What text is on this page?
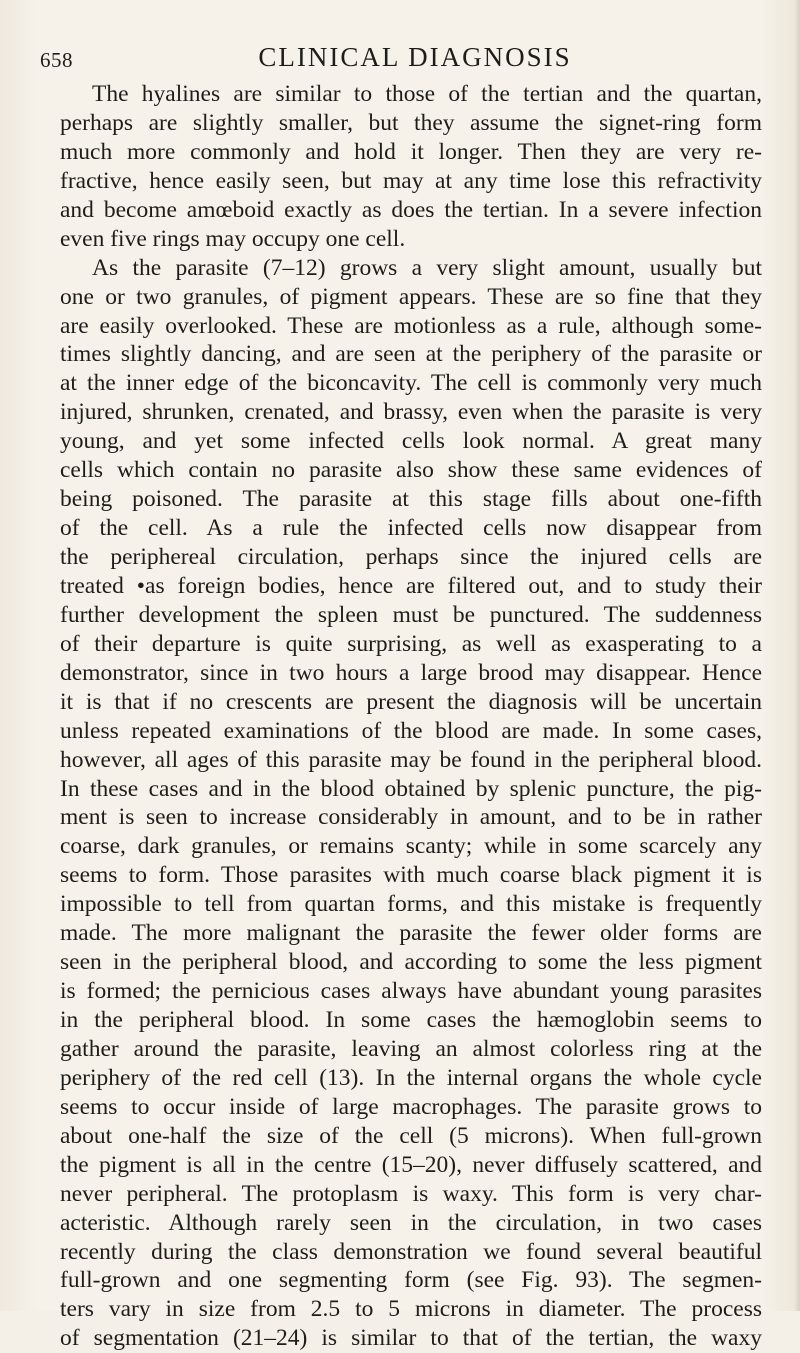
658	CLINICAL DIAGNOSIS
The hyalines are similar to those of the tertian and the quartan,
perhaps are slightly smaller, but they assume the signet-ring form
much more commonly and hold it longer. Then they are very re-
fractive, hence easily seen, but may at any time lose this refractivity
and become amœboid exactly as does the tertian. In a severe infection
even five rings may occupy one cell.
As the parasite (7–12) grows a very slight amount, usually but
one or two granules, of pigment appears. These are so fine that they
are easily overlooked. These are motionless as a rule, although some-
times slightly dancing, and are seen at the periphery of the parasite or
at the inner edge of the biconcavity. The cell is commonly very much
injured, shrunken, crenated, and brassy, even when the parasite is very
young, and yet some infected cells look normal. A great many
cells which contain no parasite also show these same evidences of
being poisoned. The parasite at this stage fills about one-fifth
of the cell. As a rule the infected cells now disappear from
the periphereal circulation, perhaps since the injured cells are
treated •as foreign bodies, hence are filtered out, and to study their
further development the spleen must be punctured. The suddenness
of their departure is quite surprising, as well as exasperating to a
demonstrator, since in two hours a large brood may disappear. Hence
it is that if no crescents are present the diagnosis will be uncertain
unless repeated examinations of the blood are made. In some cases,
however, all ages of this parasite may be found in the peripheral blood.
In these cases and in the blood obtained by splenic puncture, the pig-
ment is seen to increase considerably in amount, and to be in rather
coarse, dark granules, or remains scanty; while in some scarcely any
seems to form. Those parasites with much coarse black pigment it is
impossible to tell from quartan forms, and this mistake is frequently
made. The more malignant the parasite the fewer older forms are
seen in the peripheral blood, and according to some the less pigment
is formed; the pernicious cases always have abundant young parasites
in the peripheral blood. In some cases the hæmoglobin seems to
gather around the parasite, leaving an almost colorless ring at the
periphery of the red cell (13). In the internal organs the whole cycle
seems to occur inside of large macrophages. The parasite grows to
about one-half the size of the cell (5 microns). When full-grown
the pigment is all in the centre (15–20), never diffusely scattered, and
never peripheral. The protoplasm is waxy. This form is very char-
acteristic. Although rarely seen in the circulation, in two cases
recently during the class demonstration we found several beautiful
full-grown and one segmenting form (see Fig. 93). The segmen-
ters vary in size from 2.5 to 5 microns in diameter. The process
of segmentation (21–24) is similar to that of the tertian, the waxy
